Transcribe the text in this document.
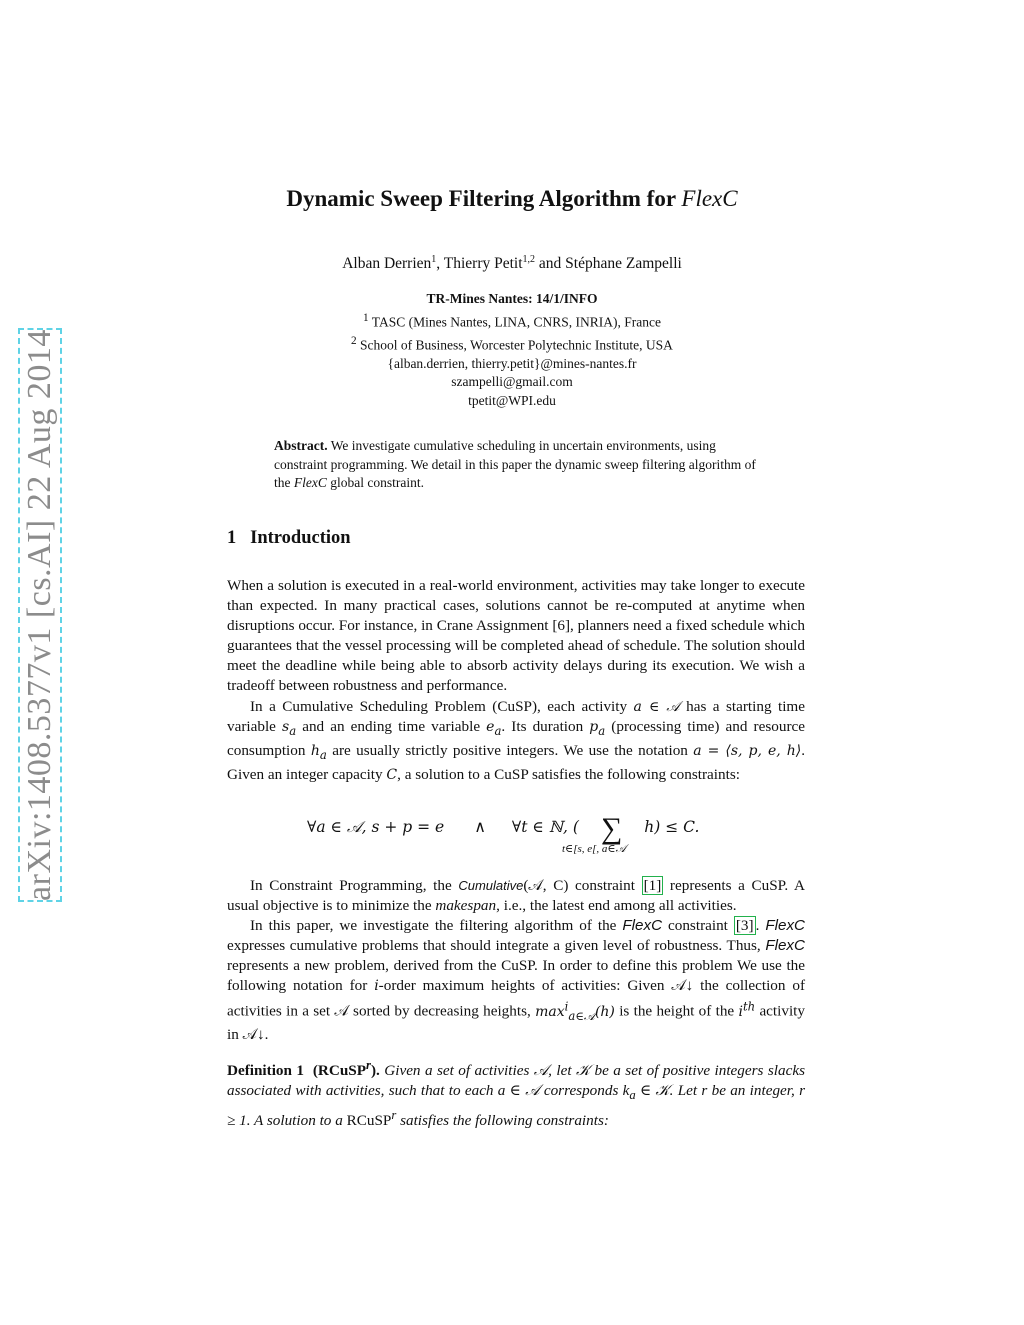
arXiv:1408.5377v1 [cs.AI] 22 Aug 2014
Dynamic Sweep Filtering Algorithm for FlexC
Alban Derrien$^1$, Thierry Petit$^{1,2}$ and Stéphane Zampelli
TR-Mines Nantes: 14/1/INFO
$^1$ TASC (Mines Nantes, LINA, CNRS, INRIA), France
$^2$ School of Business, Worcester Polytechnic Institute, USA
{alban.derrien, thierry.petit}@mines-nantes.fr
szampelli@gmail.com
tpetit@WPI.edu
Abstract. We investigate cumulative scheduling in uncertain environments, using constraint programming. We detail in this paper the dynamic sweep filtering algorithm of the FlexC global constraint.
1   Introduction
When a solution is executed in a real-world environment, activities may take longer to execute than expected. In many practical cases, solutions cannot be re-computed at anytime when disruptions occur. For instance, in Crane Assignment [6], planners need a fixed schedule which guarantees that the vessel processing will be completed ahead of schedule. The solution should meet the deadline while being able to absorb activity delays during its execution. We wish a tradeoff between robustness and performance.
In a Cumulative Scheduling Problem (CuSP), each activity a ∈ 𝒜 has a starting time variable $s_a$ and an ending time variable $e_a$. Its duration $p_a$ (processing time) and resource consumption $h_a$ are usually strictly positive integers. We use the notation a = ⟨s, p, e, h⟩. Given an integer capacity C, a solution to a CuSP satisfies the following constraints:
∀a ∈ 𝒜, s + p = e ∧ ∀t ∈ ℕ, ( ∑ h) ≤ C.
t∈[s, e[, a∈𝒜
In Constraint Programming, the Cumulative(𝒜, C) constraint [1] represents a CuSP. A usual objective is to minimize the makespan, i.e., the latest end among all activities.
In this paper, we investigate the filtering algorithm of the FlexC constraint [3] . FlexC expresses cumulative problems that should integrate a given level of robustness. Thus, FlexC represents a new problem, derived from the CuSP. In order to define this problem We use the following notation for i-order maximum heights of activities: Given 𝒜↓ the collection of activities in a set 𝒜 sorted by decreasing heights, $\max^i_{a\in 𝒜}(h)$ is the height of the $i^{th}$ activity in 𝒜↓.
Definition 1 (RCuSP$^r$). Given a set of activities 𝒜, let 𝒦 be a set of positive integers slacks associated with activities, such that to each a ∈ 𝒜 corresponds $k_a$ ∈ 𝒦. Let r be an integer, r ≥ 1. A solution to a RCuSP$^r$ satisfies the following constraints:
